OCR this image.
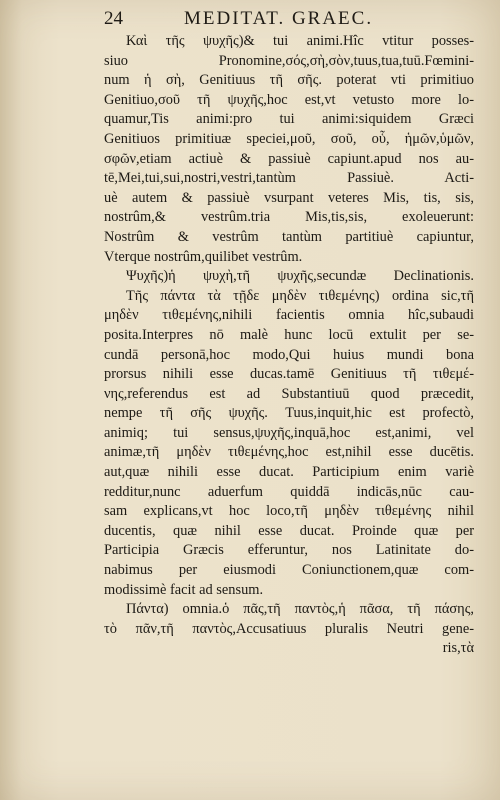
24	MEDITAT. GRAEC.
Καὶ τῆς ψυχῆς)& tui animi.Hîc vtitur posses-
siuo Pronomine,σός,σὴ,σὸν,tuus,tua,tuū.Fœmini-
num ἡ σὴ, Genitiuus τῆ σῆς. poterat vti primitiuo
Genitiuo,σοῦ τῆ ψυχῆς,hoc est,vt vetusto more lo-
quamur,Tis animi:pro tui animi:siquidem Græci
Genitiuos primitiuæ speciei,μοῦ, σοῦ, οὗ, ἡμῶν,ὑμῶν,
σφῶν,etiam actiuè & passiuè capiunt.apud nos au-
tē,Mei,tui,sui,nostri,vestri,tantùm Passiuè. Acti-
uè autem & passiuè vsurpant veteres Mis, tis, sis,
nostrûm,& vestrûm.tria Mis,tis,sis, exoleuerunt:
Nostrûm & vestrûm tantùm partitiuè capiuntur,
Vterque nostrûm,quilibet vestrûm.
Ψυχῆς)ἡ ψυχὴ,τῆ ψυχῆς,secundæ Declinationis.
Τῆς πάντα τὰ τῇδε μηδὲν τιθεμένης) ordina sic,τῆ
μηδὲν τιθεμένης,nihili facientis omnia hîc,subaudi
posita.Interpres nō malè hunc locū extulit per se-
cundā personā,hoc modo,Qui huius mundi bona
prorsus nihili esse ducas.tamē Genitiuus τῆ τιθεμέ-
νης,referendus est ad Substantiuū quod præcedit,
nempe τῆ σῆς ψυχῆς. Tuus,inquit,hic est profectò,
animiq; tui sensus,ψυχῆς,inquā,hoc est,animi, vel
animæ,τῆ μηδὲν τιθεμένης,hoc est,nihil esse ducētis.
aut,quæ nihili esse ducat. Participium enim variè
redditur,nunc aduerfum quiddā indicās,nūc cau-
sam explicans,vt hoc loco,τῆ μηδὲν τιθεμένης nihil
ducentis, quæ nihil esse ducat. Proinde quæ per
Participia Græcis efferuntur, nos Latinitate do-
nabimus per eiusmodi Coniunctionem,quæ com-
modissimè facit ad sensum.
Πάντα) omnia.ὁ πᾶς,τῆ παντὸς,ἡ πᾶσα, τῆ πάσης,
τὸ πᾶν,τῆ παντὸς,Accusatiuus pluralis Neutri gene-
ris,τὰ
